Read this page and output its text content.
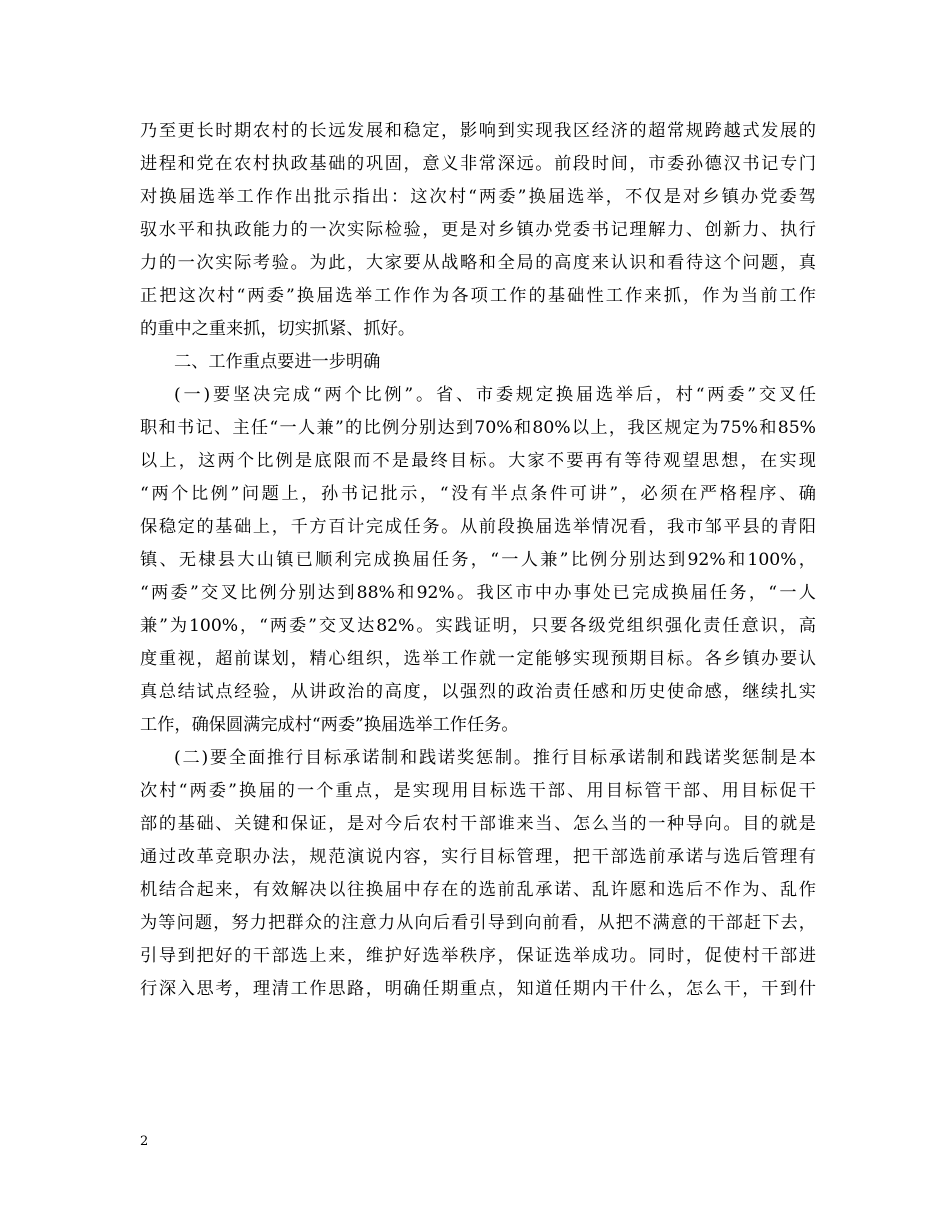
乃至更长时期农村的长远发展和稳定，影响到实现我区经济的超常规跨越式发展的
进程和党在农村执政基础的巩固，意义非常深远。前段时间，市委孙德汉书记专门
对换届选举工作作出批示指出：这次村“两委”换届选举，不仅是对乡镇办党委驾
驭水平和执政能力的一次实际检验，更是对乡镇办党委书记理解力、创新力、执行
力的一次实际考验。为此，大家要从战略和全局的高度来认识和看待这个问题，真
正把这次村“两委”换届选举工作作为各项工作的基础性工作来抓，作为当前工作
的重中之重来抓，切实抓紧、抓好。
二、工作重点要进一步明确
(一)要坚决完成“两个比例”。省、市委规定换届选举后，村“两委”交叉任
职和书记、主任“一人兼”的比例分别达到70%和80%以上，我区规定为75%和85%
以上，这两个比例是底限而不是最终目标。大家不要再有等待观望思想，在实现
“两个比例”问题上，孙书记批示，“没有半点条件可讲”，必须在严格程序、确
保稳定的基础上，千方百计完成任务。从前段换届选举情况看，我市邹平县的青阳
镇、无棣县大山镇已顺利完成换届任务，“一人兼”比例分别达到92%和100%，
“两委”交叉比例分别达到88%和92%。我区市中办事处已完成换届任务，“一人
兼”为100%，“两委”交叉达82%。实践证明，只要各级党组织强化责任意识，高
度重视，超前谋划，精心组织，选举工作就一定能够实现预期目标。各乡镇办要认
真总结试点经验，从讲政治的高度，以强烈的政治责任感和历史使命感，继续扎实
工作，确保圆满完成村“两委”换届选举工作任务。
(二)要全面推行目标承诺制和践诺奖惩制。推行目标承诺制和践诺奖惩制是本
次村“两委”换届的一个重点，是实现用目标选干部、用目标管干部、用目标促干
部的基础、关键和保证，是对今后农村干部谁来当、怎么当的一种导向。目的就是
通过改革竞职办法，规范演说内容，实行目标管理，把干部选前承诺与选后管理有
机结合起来，有效解决以往换届中存在的选前乱承诺、乱许愿和选后不作为、乱作
为等问题，努力把群众的注意力从向后看引导到向前看，从把不满意的干部赶下去，
引导到把好的干部选上来，维护好选举秩序，保证选举成功。同时，促使村干部进
行深入思考，理清工作思路，明确任期重点，知道任期内干什么，怎么干，干到什
2
